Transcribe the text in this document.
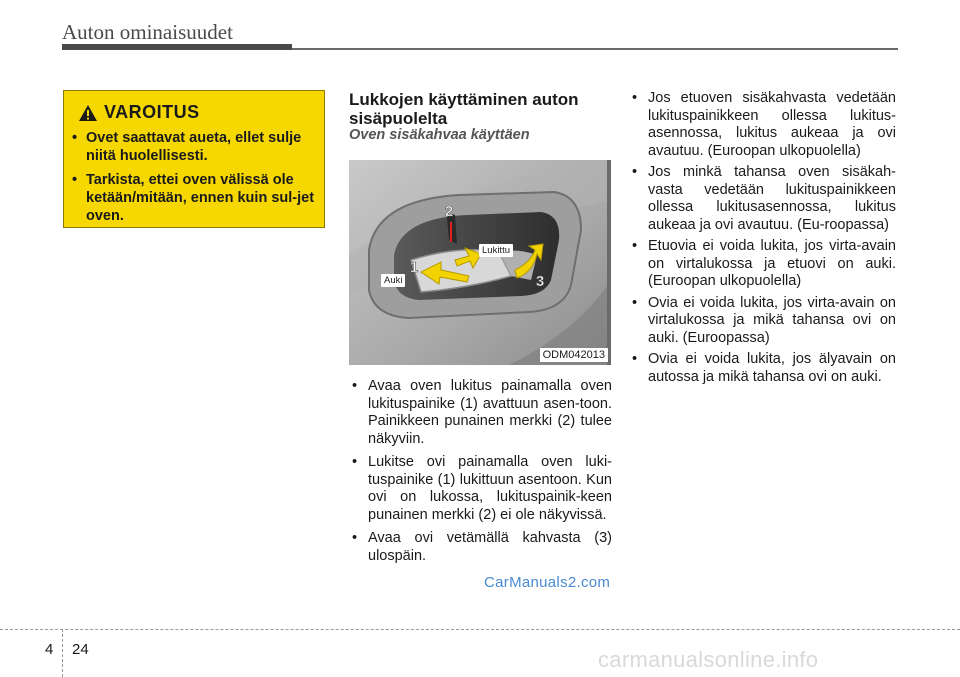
Auton ominaisuudet
VAROITUS
• Ovet saattavat aueta, ellet sulje niitä huolellisesti.
• Tarkista, ettei oven välissä ole ketään/mitään, ennen kuin sul-jet oven.
Lukkojen käyttäminen auton sisäpuolelta
Oven sisäkahvaa käyttäen
1
2
3
Auki
Lukittu
ODM042013
• Avaa oven lukitus painamalla oven lukituspainike (1) avattuun asen-toon. Painikkeen punainen merkki (2) tulee näkyviin.
• Lukitse ovi painamalla oven luki-tuspainike (1) lukittuun asentoon. Kun ovi on lukossa, lukituspainik-keen punainen merkki (2) ei ole näkyvissä.
• Avaa ovi vetämällä kahvasta (3) ulospäin.
• Jos etuoven sisäkahvasta vedetään lukituspainikkeen ollessa lukitus-asennossa, lukitus aukeaa ja ovi avautuu. (Euroopan ulkopuolella)
• Jos minkä tahansa oven sisäkah-vasta vedetään lukituspainikkeen ollessa lukitusasennossa, lukitus aukeaa ja ovi avautuu. (Eu-roopassa)
• Etuovia ei voida lukita, jos virta-avain on virtalukossa ja etuovi on auki. (Euroopan ulkopuolella)
• Ovia ei voida lukita, jos virta-avain on virtalukossa ja mikä tahansa ovi on auki. (Euroopassa)
• Ovia ei voida lukita, jos älyavain on autossa ja mikä tahansa ovi on auki.
CarManuals2.com
4 24	carmanualsonline.info
